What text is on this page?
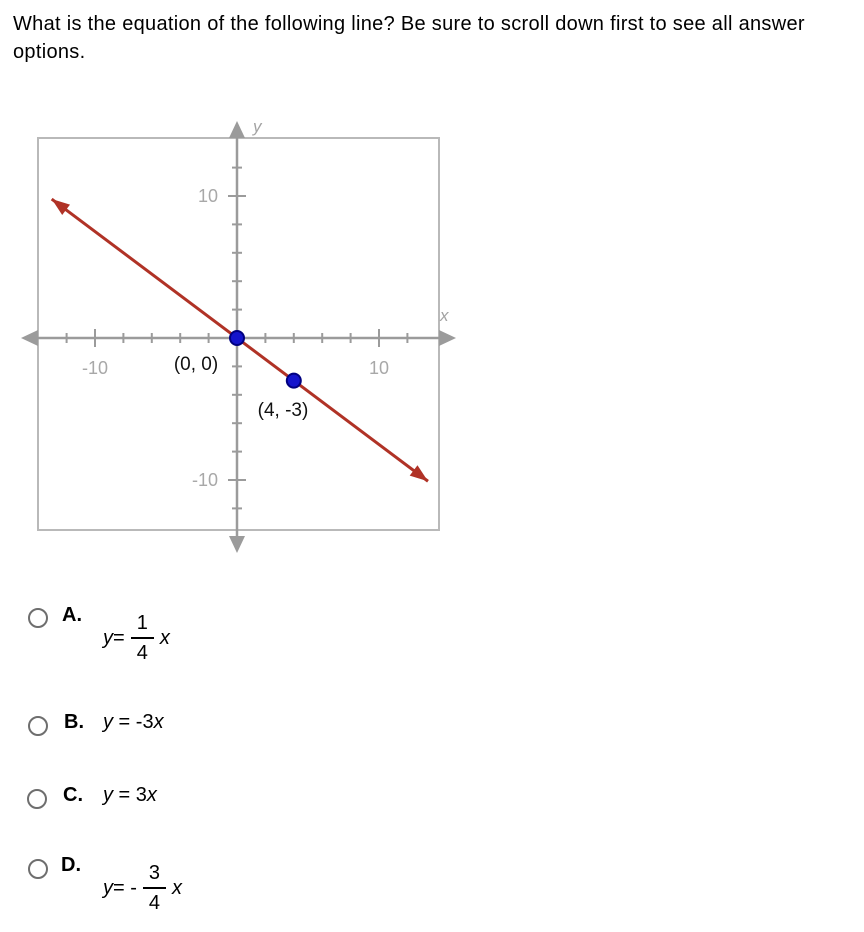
What is the equation of the following line? Be sure to scroll down first to see all answer options.

y
x
-10	10
10
-10
(0, 0)
(4, -3)
A.
$y = \frac{1}{4}$ x
B. y = -3x
C. y = 3x
D.
y = - $\frac{3}{4}$ x
